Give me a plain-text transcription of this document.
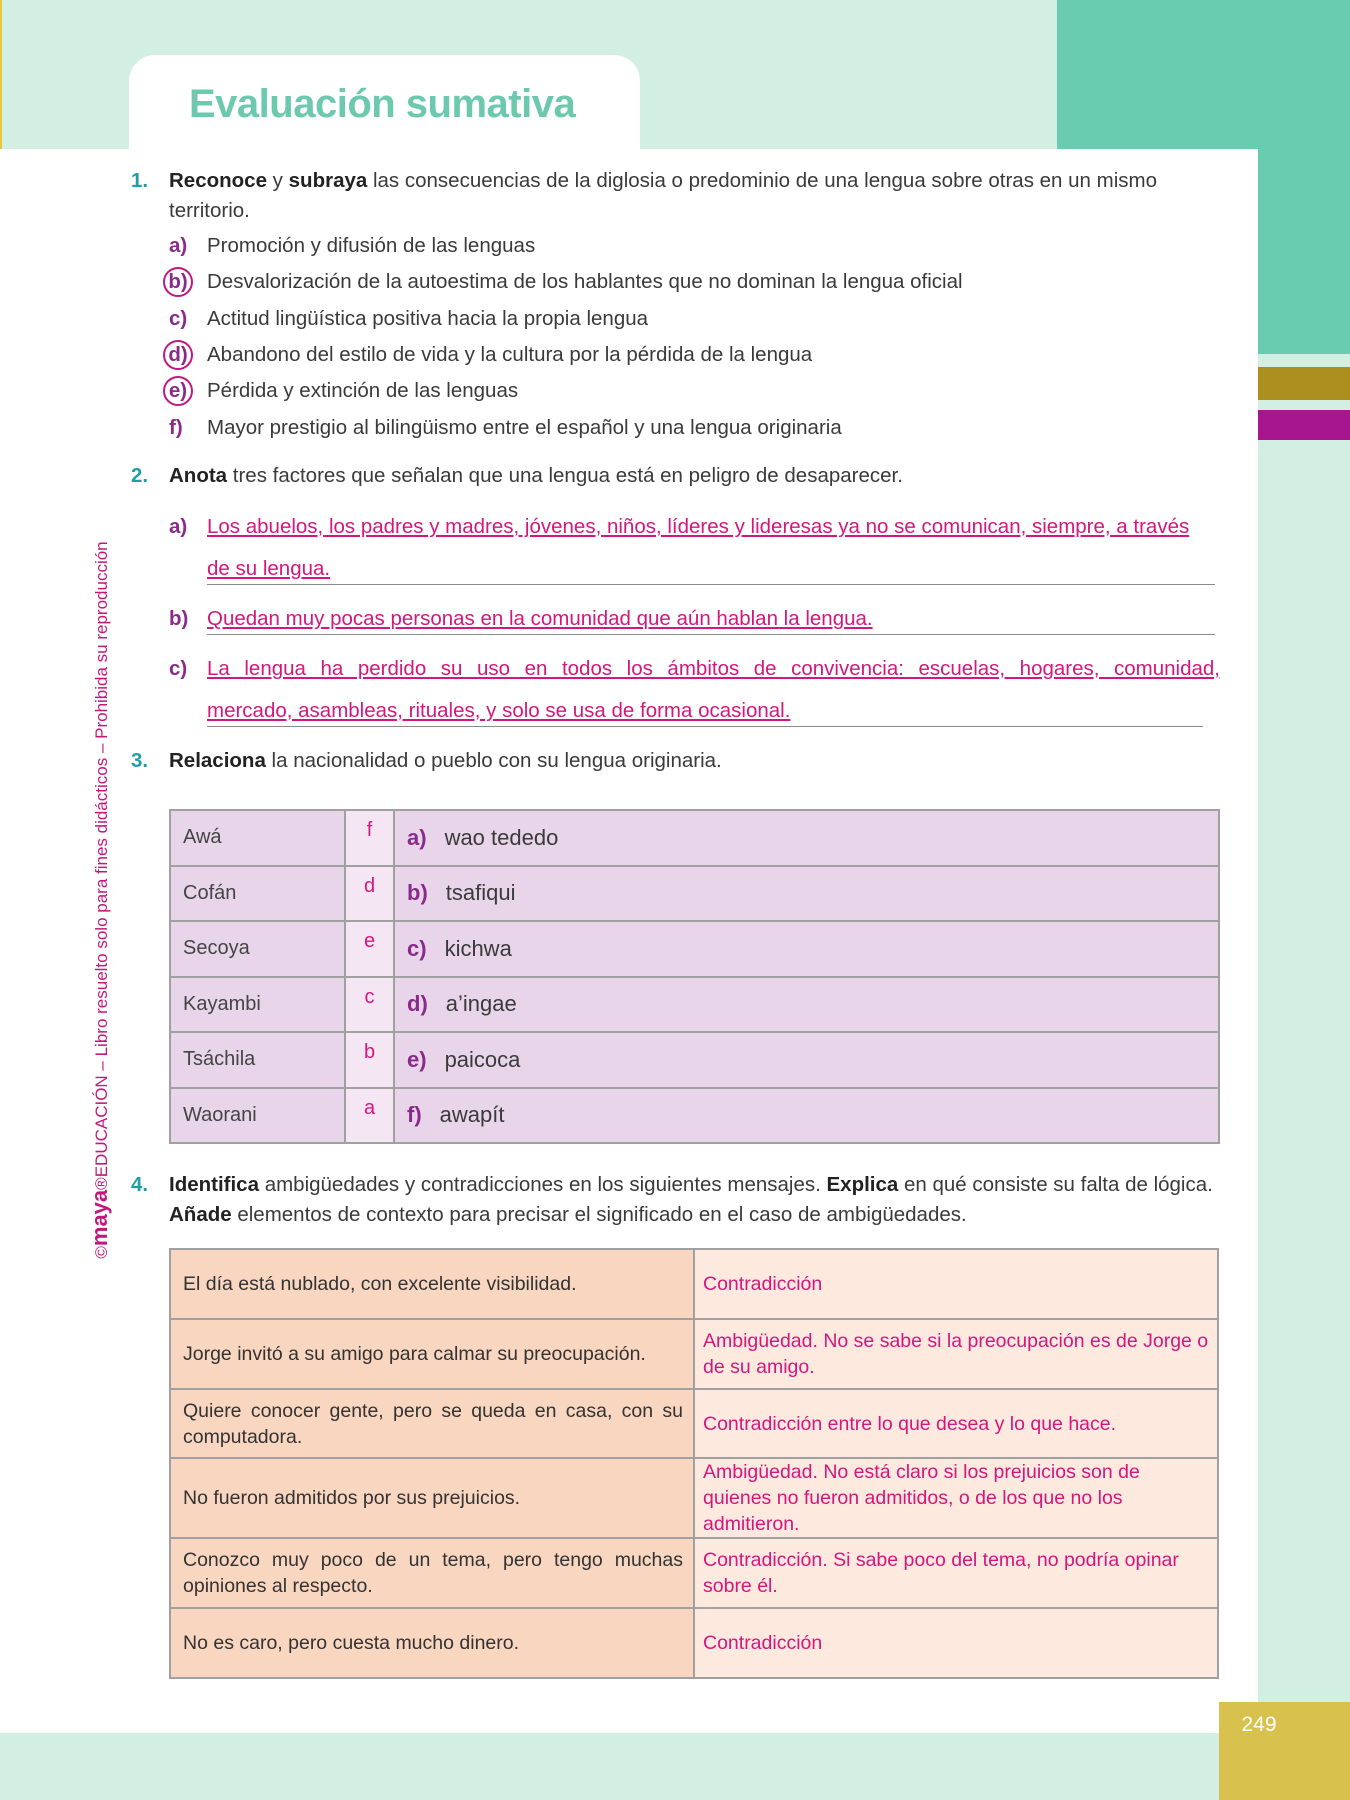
Evaluación sumativa
©maya®EDUCACIÓN – Libro resuelto solo para fines didácticos – Prohibida su reproducción
1. Reconoce y subraya las consecuencias de la diglosia o predominio de una lengua sobre otras en un mismo territorio.
a) Promoción y difusión de las lenguas
b) Desvalorización de la autoestima de los hablantes que no dominan la lengua oficial
c) Actitud lingüística positiva hacia la propia lengua
d) Abandono del estilo de vida y la cultura por la pérdida de la lengua
e) Pérdida y extinción de las lenguas
f) Mayor prestigio al bilingüismo entre el español y una lengua originaria
2. Anota tres factores que señalan que una lengua está en peligro de desaparecer.
a) Los abuelos, los padres y madres, jóvenes, niños, líderes y lideresas ya no se comunican, siempre, a través
de su lengua.
b) Quedan muy pocas personas en la comunidad que aún hablan la lengua.
c) La lengua ha perdido su uso en todos los ámbitos de convivencia: escuelas, hogares, comunidad,
mercado, asambleas, rituales, y solo se usa de forma ocasional.
3. Relaciona la nacionalidad o pueblo con su lengua originaria.
Awá	f	a) wao tededo
Cofán	d	b) tsafiqui
Secoya	e	c) kichwa
Kayambi	c	d) a’ingae
Tsáchila	b	e) paicoca
Waorani	a	f) awapít
4. Identifica ambigüedades y contradicciones en los siguientes mensajes. Explica en qué consiste su falta de lógica. Añade elementos de contexto para precisar el significado en el caso de ambigüedades.
El día está nublado, con excelente visibilidad.	Contradicción
Jorge invitó a su amigo para calmar su preocupación.	Ambigüedad. No se sabe si la preocupación es de Jorge o de su amigo.
Quiere conocer gente, pero se queda en casa, con su computadora.	Contradicción entre lo que desea y lo que hace.
No fueron admitidos por sus prejuicios.	Ambigüedad. No está claro si los prejuicios son de quienes no fueron admitidos, o de los que no los admitieron.
Conozco muy poco de un tema, pero tengo muchas opiniones al respecto.	Contradicción. Si sabe poco del tema, no podría opinar sobre él.
No es caro, pero cuesta mucho dinero.	Contradicción
249
